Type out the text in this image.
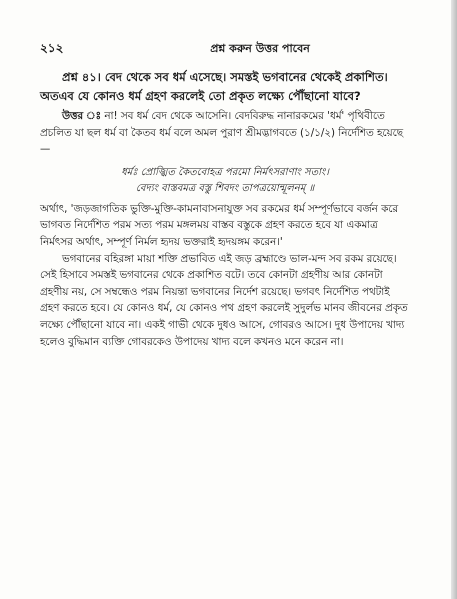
২১২	প্রশ্ন করুন উত্তর পাবেন

প্রশ্ন ৪১। বেদ থেকে সব ধর্ম এসেছে। সমস্তই ভগবানের থেকেই প্রকাশিত। অতএব যে কোনও ধর্ম গ্রহণ করলেই তো প্রকৃত লক্ষ্যে পৌঁছানো যাবে?

উত্তর ঃ না! সব ধর্ম বেদ থেকে আসেনি। বেদবিরুদ্ধ নানারকমের 'ধর্ম' পৃথিবীতে প্রচলিত যা ছল ধর্ম বা কৈতব ধর্ম বলে অমল পুরাণ শ্রীমদ্ভাগবতে (১/১/২) নির্দেশিত হয়েছে—

ধর্মঃ প্রোজ্ঝিত কৈতবোহত্র পরমো নির্মৎসরাণাং সতাং।
বেদ্যং বাস্তবমত্র বস্তু শিবদং তাপত্রয়োন্মূলনম্ ॥

অর্থাৎ, 'জড়জাগতিক ভুক্তি-মুক্তি-কামনাবাসনাযুক্ত সব রকমের ধর্ম সম্পূর্ণভাবে বর্জন করে ভাগবত নির্দেশিত পরম সত্য পরম মঙ্গলময় বাস্তব বস্তুকে গ্রহণ করতে হবে যা একমাত্র নির্মৎসর অর্থাৎ, সম্পূর্ণ নির্মল হৃদয় ভক্তরাই হৃদয়ঙ্গম করেন।'

ভগবানের বহিরঙ্গা মায়া শক্তি প্রভাবিত এই জড় ব্রহ্মাণ্ডে ভাল-মন্দ সব রকম রয়েছে। সেই হিসাবে সমস্তই ভগবানের থেকে প্রকাশিত বটে। তবে কোনটা গ্রহণীয় আর কোনটা গ্রহণীয় নয়, সে সম্বন্ধেও পরম নিয়ন্তা ভগবানের নির্দেশ রয়েছে। ভগবৎ নির্দেশিত পথটাই গ্রহণ করতে হবে। যে কোনও ধর্ম, যে কোনও পথ গ্রহণ করলেই সুদুর্লভ মানব জীবনের প্রকৃত লক্ষ্যে পৌঁছানো যাবে না। একই গাভী থেকে দুধও আসে, গোবরও আসে। দুধ উপাদেয় খাদ্য হলেও বুদ্ধিমান ব্যক্তি গোবরকেও উপাদেয় খাদ্য বলে কখনও মনে করেন না।
